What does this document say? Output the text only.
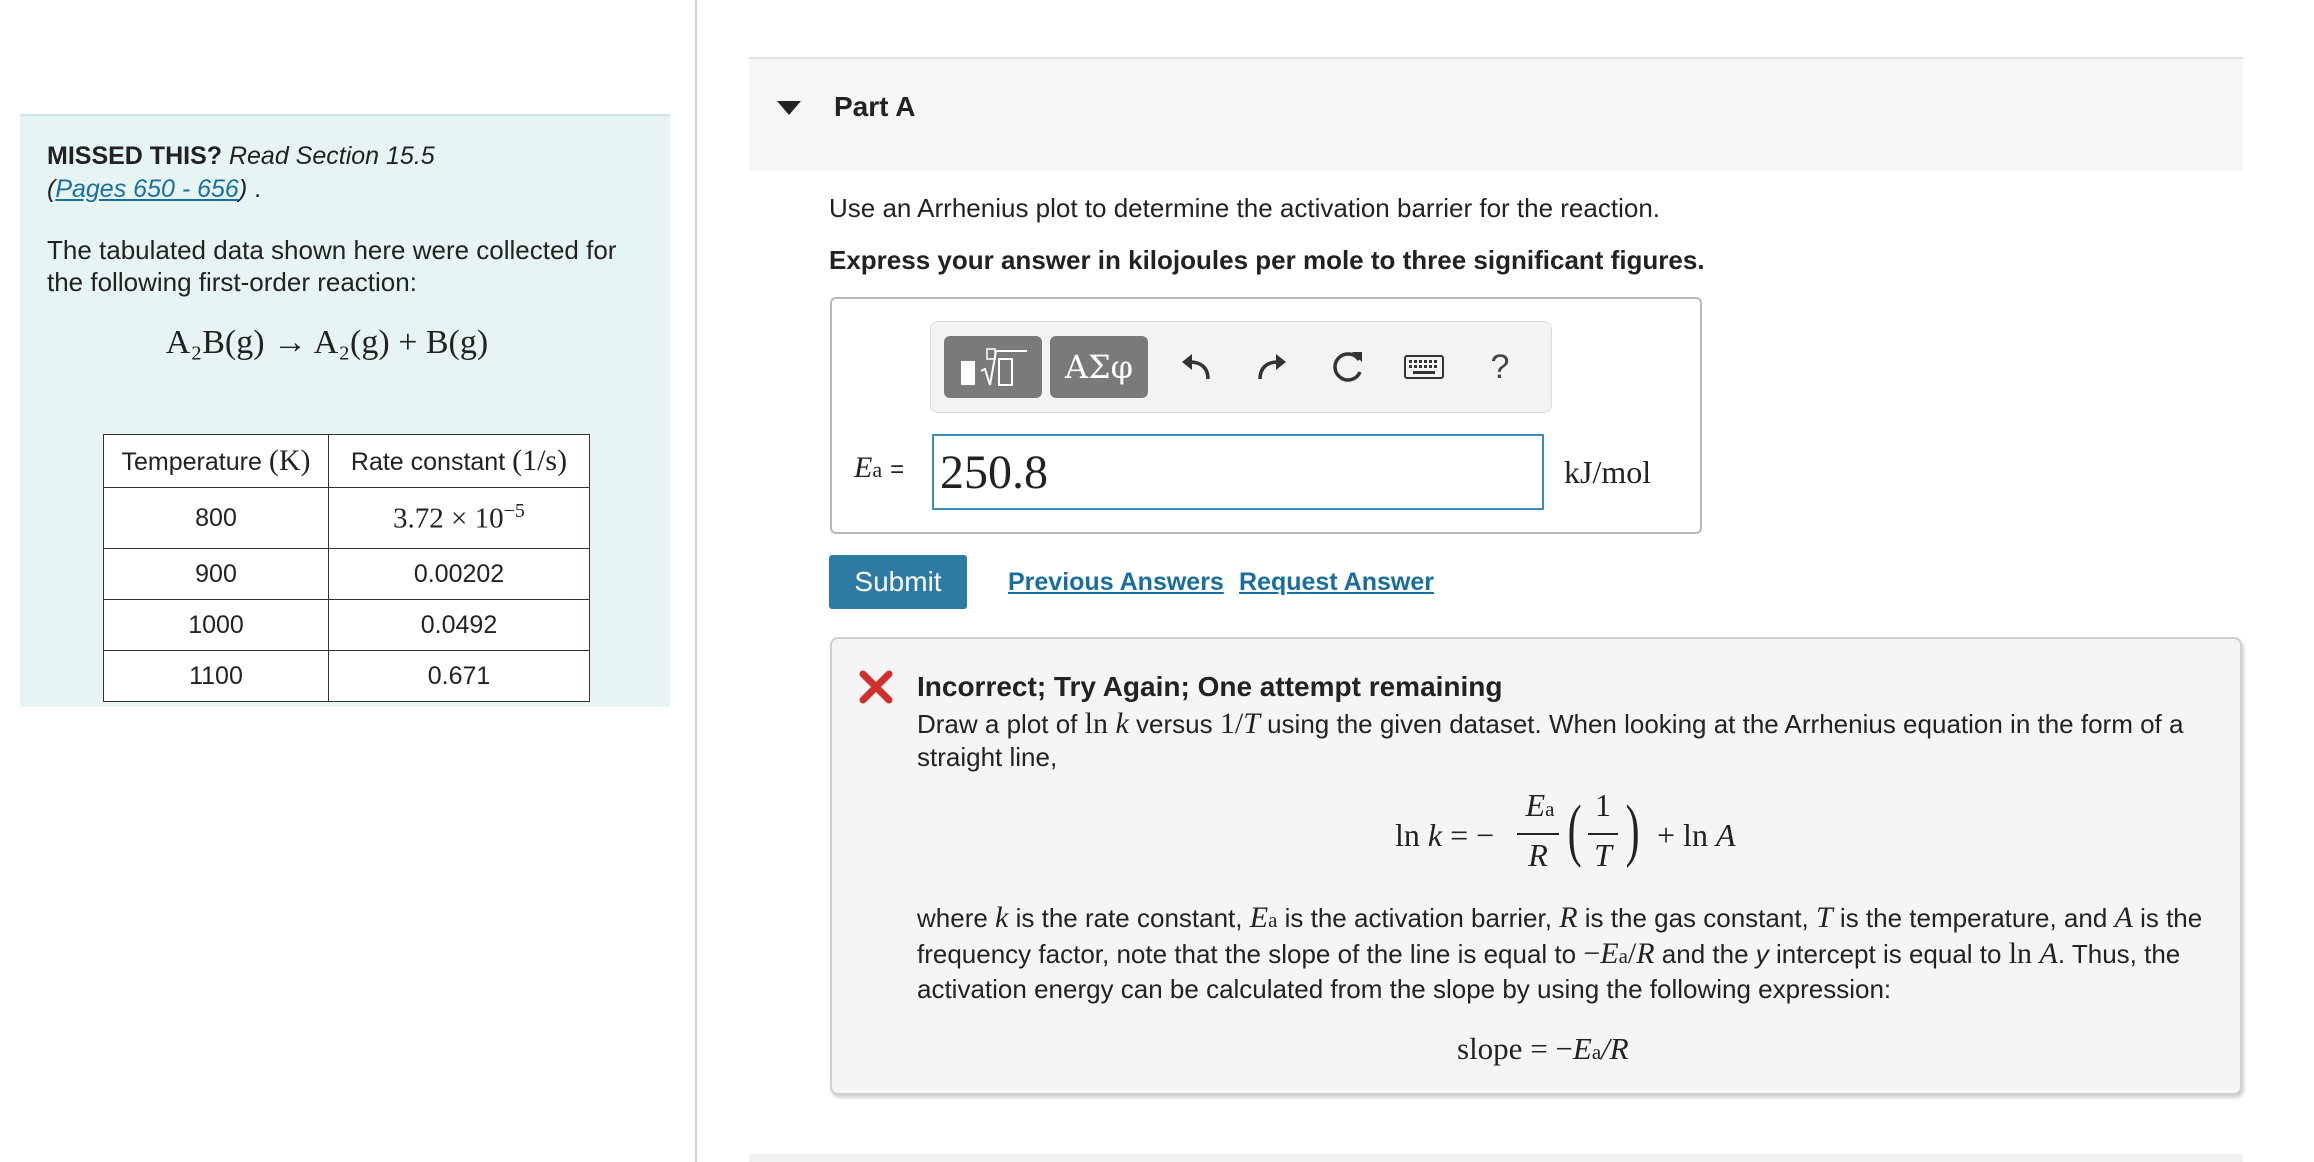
MISSED THIS? Read Section 15.5
(Pages 650 - 656) .
The tabulated data shown here were collected for the following first-order reaction:
A₂B(g) → A₂(g) + B(g)
Temperature (K)	Rate constant (1/s)
800	$3.72 \times 10^{-5}$
900	0.00202
1000	0.0492
1100	0.671
Part A
Use an Arrhenius plot to determine the activation barrier for the reaction.
Express your answer in kilojoules per mole to three significant figures.
ΑΣφ	?
Ea = 250.8	kJ/mol
Submit	Previous Answers Request Answer
Incorrect; Try Again; One attempt remaining
Draw a plot of ln k versus 1/T using the given dataset. When looking at the Arrhenius equation in the form of a straight line,
ln k = −
Ea
R ( 1
T ) + ln A
where k is the rate constant, Ea is the activation barrier, R is the gas constant, T is the temperature, and A is the frequency factor, note that the slope of the line is equal to −Ea/R and the y intercept is equal to ln A. Thus, the activation energy can be calculated from the slope by using the following expression:
slope = −Ea/R
